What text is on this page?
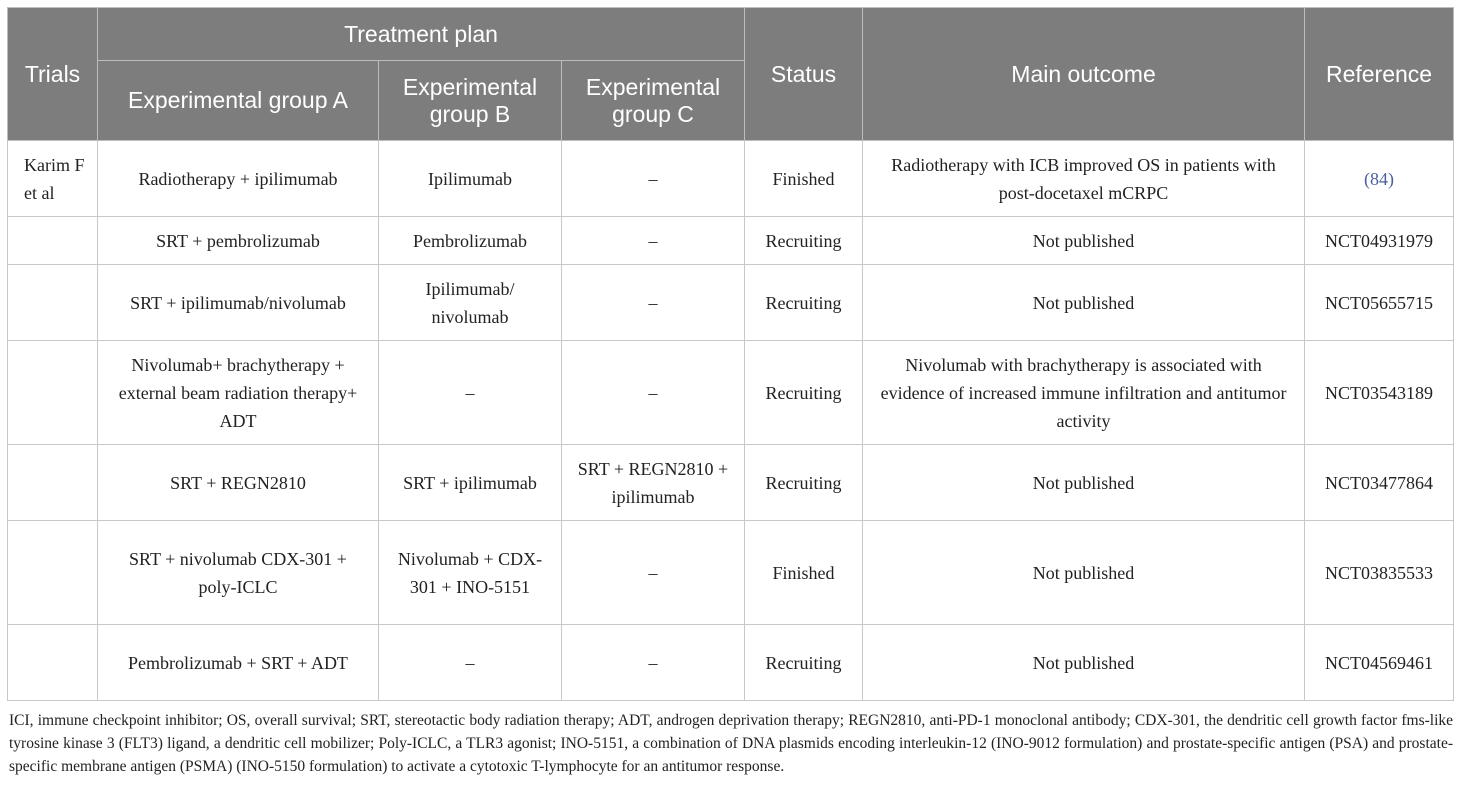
Trials	Treatment plan			Status	Main outcome	Reference
	Experimental group A	Experimental group B	Experimental group C			
Karim F et al	Radiotherapy + ipilimumab	Ipilimumab	–	Finished	Radiotherapy with ICB improved OS in patients with post-docetaxel mCRPC	(84)
	SRT + pembrolizumab	Pembrolizumab	–	Recruiting	Not published	NCT04931979
	SRT + ipilimumab/nivolumab	Ipilimumab/ nivolumab	–	Recruiting	Not published	NCT05655715
	Nivolumab+ brachytherapy + external beam radiation therapy+ ADT	–	–	Recruiting	Nivolumab with brachytherapy is associated with evidence of increased immune infiltration and antitumor activity	NCT03543189
	SRT + REGN2810	SRT + ipilimumab	SRT + REGN2810 + ipilimumab	Recruiting	Not published	NCT03477864
	SRT + nivolumab CDX-301 + poly-ICLC	Nivolumab + CDX-301 + INO-5151	–	Finished	Not published	NCT03835533
	Pembrolizumab + SRT + ADT	–	–	Recruiting	Not published	NCT04569461
ICI, immune checkpoint inhibitor; OS, overall survival; SRT, stereotactic body radiation therapy; ADT, androgen deprivation therapy; REGN2810, anti-PD-1 monoclonal antibody; CDX-301, the dendritic cell growth factor fms-like tyrosine kinase 3 (FLT3) ligand, a dendritic cell mobilizer; Poly-ICLC, a TLR3 agonist; INO-5151, a combination of DNA plasmids encoding interleukin-12 (INO-9012 formulation) and prostate-specific antigen (PSA) and prostate-specific membrane antigen (PSMA) (INO-5150 formulation) to activate a cytotoxic T-lymphocyte for an antitumor response.
